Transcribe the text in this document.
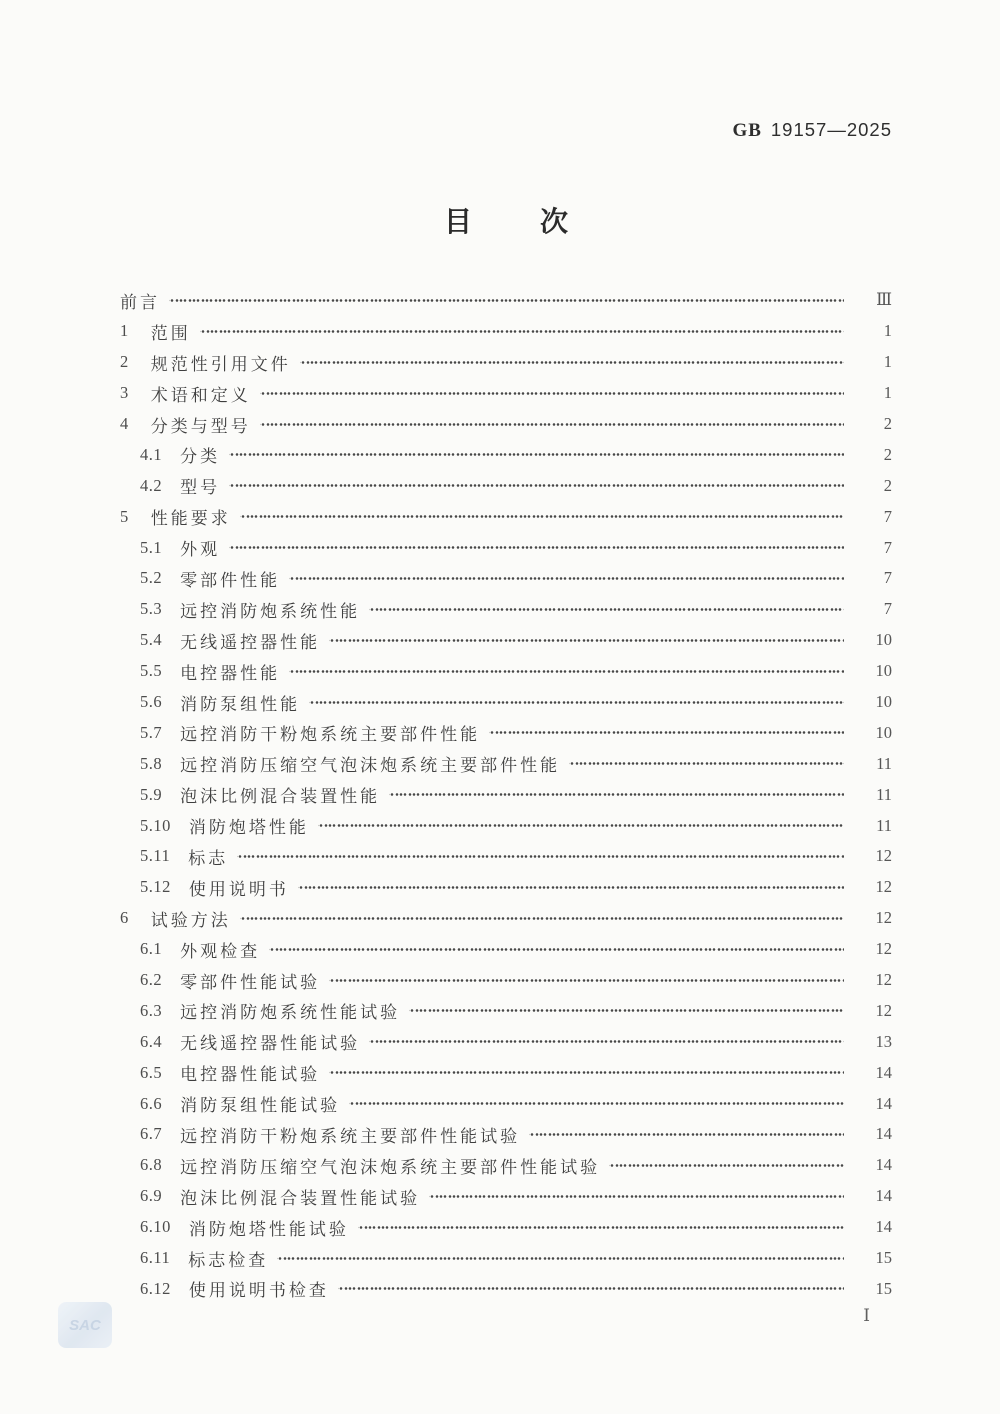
GB 19157—2025
目 次
前言	Ⅲ
1 范围	1
2 规范性引用文件	1
3 术语和定义	1
4 分类与型号	2
4.1 分类	2
4.2 型号	2
5 性能要求	7
5.1 外观	7
5.2 零部件性能	7
5.3 远控消防炮系统性能	7
5.4 无线遥控器性能	10
5.5 电控器性能	10
5.6 消防泵组性能	10
5.7 远控消防干粉炮系统主要部件性能	10
5.8 远控消防压缩空气泡沫炮系统主要部件性能	11
5.9 泡沫比例混合装置性能	11
5.10 消防炮塔性能	11
5.11 标志	12
5.12 使用说明书	12
6 试验方法	12
6.1 外观检查	12
6.2 零部件性能试验	12
6.3 远控消防炮系统性能试验	12
6.4 无线遥控器性能试验	13
6.5 电控器性能试验	14
6.6 消防泵组性能试验	14
6.7 远控消防干粉炮系统主要部件性能试验	14
6.8 远控消防压缩空气泡沫炮系统主要部件性能试验	14
6.9 泡沫比例混合装置性能试验	14
6.10 消防炮塔性能试验	14
6.11 标志检查	15
6.12 使用说明书检查	15
Ⅰ
SAC
